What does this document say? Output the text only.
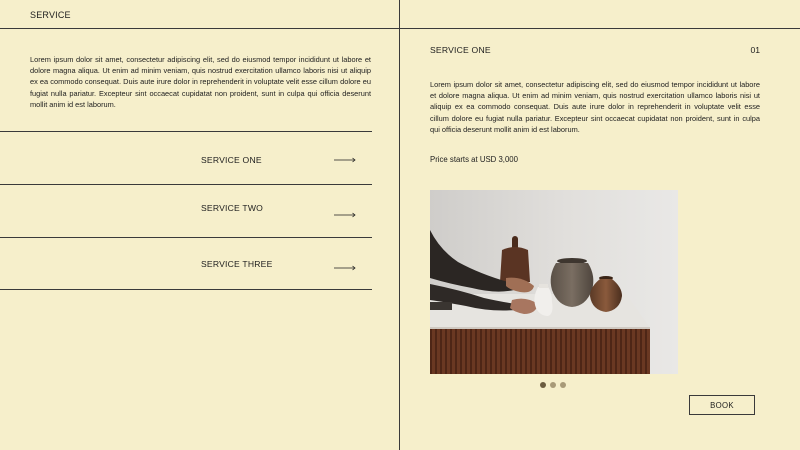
SERVICE

Lorem ipsum dolor sit amet, consectetur adipiscing elit, sed do eiusmod tempor incididunt ut labore et dolore magna aliqua. Ut enim ad minim veniam, quis nostrud exercitation ullamco laboris nisi ut aliquip ex ea commodo consequat. Duis aute irure dolor in reprehenderit in voluptate velit esse cillum dolore eu fugiat nulla pariatur. Excepteur sint occaecat cupidatat non proident, sunt in culpa qui officia deserunt mollit anim id est laborum.

SERVICE ONE
SERVICE TWO
SERVICE THREE
SERVICE ONE	01

Lorem ipsum dolor sit amet, consectetur adipiscing elit, sed do eiusmod tempor incididunt ut labore et dolore magna aliqua. Ut enim ad minim veniam, quis nostrud exercitation ullamco laboris nisi ut aliquip ex ea commodo consequat. Duis aute irure dolor in reprehenderit in voluptate velit esse cillum dolore eu fugiat nulla pariatur. Excepteur sint occaecat cupidatat non proident, sunt in culpa qui officia deserunt mollit anim id est laborum.

Price starts at USD 3,000
BOOK
